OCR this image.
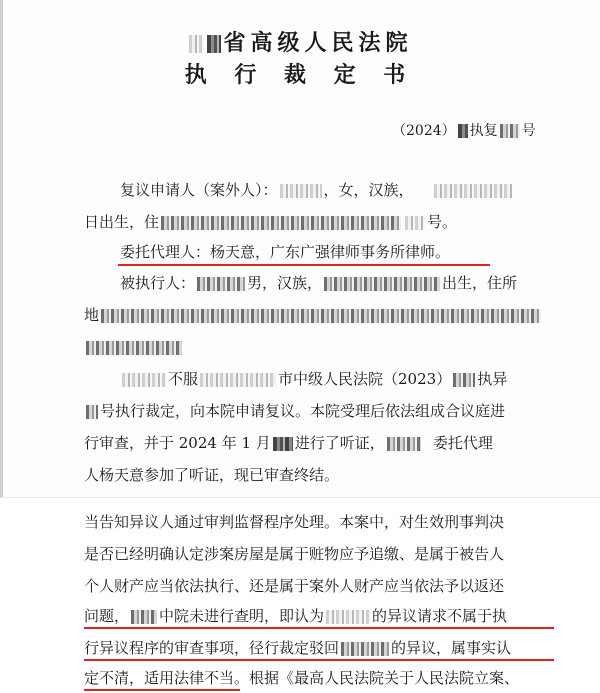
省高级人民法院
执 行 裁 定 书
（2024） 执复 号
复议申请人（案外人）：	，女，汉族，
日出生，住	号。
委托代理人：杨天意，广东广强律师事务所律师。
被执行人：	男，汉族，	出生，住所
地
不服	市中级人民法院（2023） 执异
号执行裁定，向本院申请复议。本院受理后依法组成合议庭进
行审查，并于 2024 年 1 月 进行了听证，	委托代理
人杨天意参加了听证，现已审查终结。
当告知异议人通过审判监督程序处理。本案中，对生效刑事判决
是否已经明确认定涉案房屋是属于赃物应予追缴、是属于被告人
个人财产应当依法执行、还是属于案外人财产应当依法予以返还
问题， 中院未进行查明，即认为	的异议请求不属于执
行异议程序的审查事项，径行裁定驳回	的异议，属事实认
定不清，适用法律不当。根据《最高人民法院关于人民法院立案、
